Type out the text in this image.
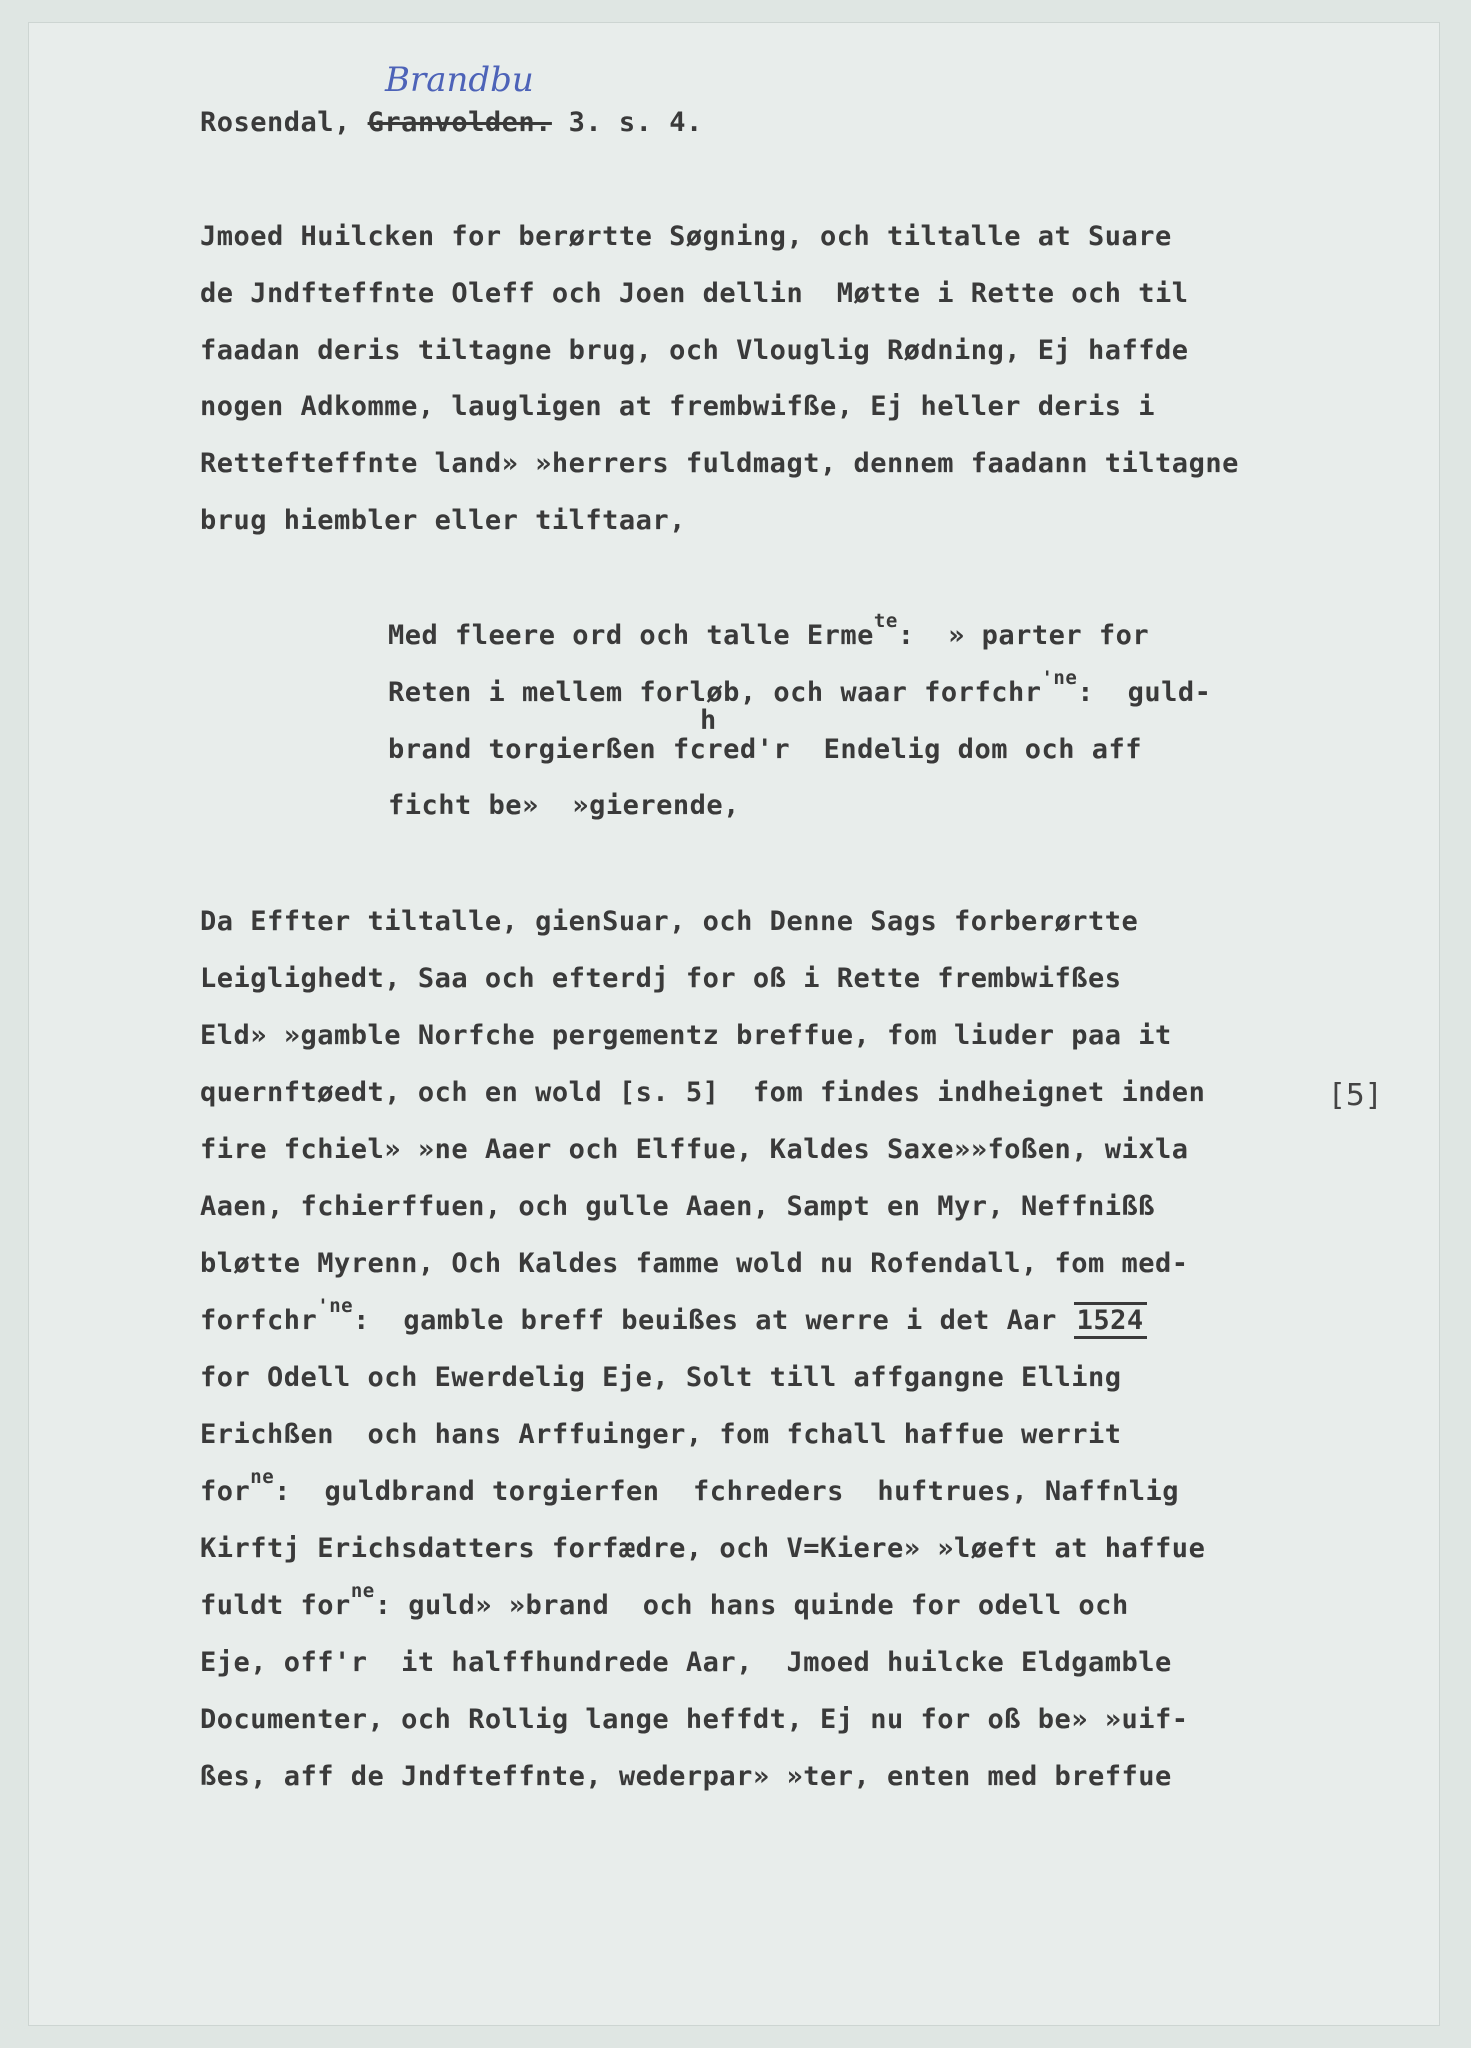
Brandbu
Rosendal, Granvolden. 3. s. 4.
Jmoed Huilcken for berørtte Søgning, och tiltalle at Suare
de Jndfteffnte Oleff och Joen dellin  Møtte i Rette och til
faadan deris tiltagne brug, och Vlouglig Rødning, Ej haffde
nogen Adkomme, laugligen at frembwifße, Ej heller deris i
Rettefteffnte land» »herrers fuldmagt, dennem faadann tiltagne
brug hiembler eller tilftaar,
Med fleere ord och talle Erme$^{te}$:  » parter for
Reten i mellem forløb, och waar forfchr$^{'ne}$:  guld-
h
brand torgierßen fcred'r  Endelig dom och aff
ficht be»  »gierende,
Da Effter tiltalle, gienSuar, och Denne Sags forberørtte
Leiglighedt, Saa och efterdj for oß i Rette frembwifßes
Eld» »gamble Norfche pergementz breffue, fom liuder paa it
quernftøedt, och en wold [s. 5]  fom findes indheignet inden
fire fchiel» »ne Aaer och Elffue, Kaldes Saxe»»foßen, wixla
Aaen, fchierffuen, och gulle Aaen, Sampt en Myr, Neffnißß
bløtte Myrenn, Och Kaldes famme wold nu Rofendall, fom med-
forfchr$^{'ne}$:  gamble breff beuißes at werre i det Aar 1524
for Odell och Ewerdelig Eje, Solt till affgangne Elling
Erichßen  och hans Arffuinger, fom fchall haffue werrit
for$^{ne}$:  guldbrand torgierfen  fchreders  huftrues, Naffnlig
Kirftj Erichsdatters forfædre, och V=Kiere» »løeft at haffue
fuldt for$^{ne}$: guld» »brand  och hans quinde for odell och
Eje, off'r  it halffhundrede Aar,  Jmoed huilcke Eldgamble
Documenter, och Rollig lange heffdt, Ej nu for oß be» »uif-
ßes, aff de Jndfteffnte, wederpar» »ter, enten med breffue
[5]
